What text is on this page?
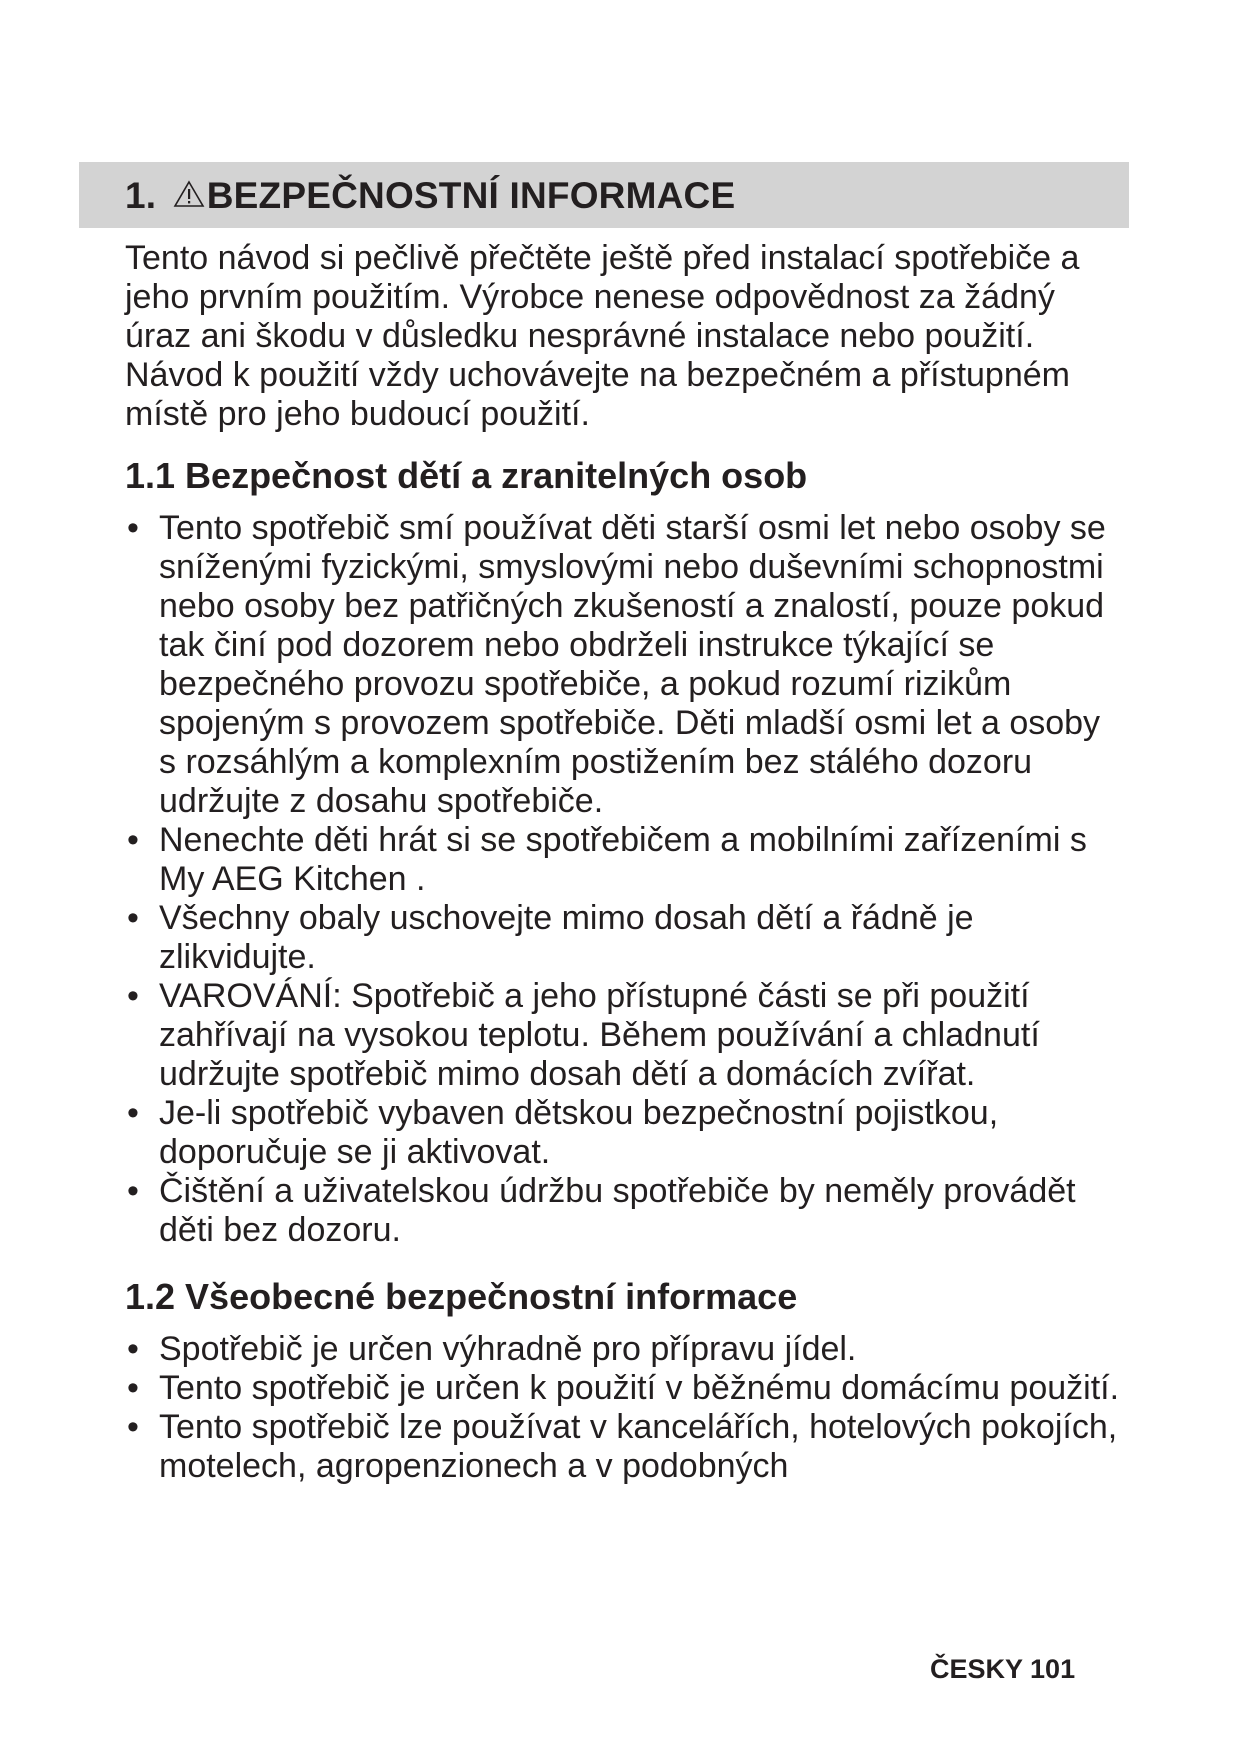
1. BEZPEČNOSTNÍ INFORMACE

Tento návod si pečlivě přečtěte ještě před instalací spotřebiče a jeho prvním použitím. Výrobce nenese odpovědnost za žádný úraz ani škodu v důsledku nesprávné instalace nebo použití. Návod k použití vždy uchovávejte na bezpečném a přístupném místě pro jeho budoucí použití.

1.1 Bezpečnost dětí a zranitelných osob
• Tento spotřebič smí používat děti starší osmi let nebo osoby se sníženými fyzickými, smyslovými nebo duševními schopnostmi nebo osoby bez patřičných zkušeností a znalostí, pouze pokud tak činí pod dozorem nebo obdrželi instrukce týkající se bezpečného provozu spotřebiče, a pokud rozumí rizikům spojeným s provozem spotřebiče. Děti mladší osmi let a osoby s rozsáhlým a komplexním postižením bez stálého dozoru udržujte z dosahu spotřebiče.
• Nenechte děti hrát si se spotřebičem a mobilními zařízeními s My AEG Kitchen .
• Všechny obaly uschovejte mimo dosah dětí a řádně je zlikvidujte.
• VAROVÁNÍ: Spotřebič a jeho přístupné části se při použití zahřívají na vysokou teplotu. Během používání a chladnutí udržujte spotřebič mimo dosah dětí a domácích zvířat.
• Je-li spotřebič vybaven dětskou bezpečnostní pojistkou, doporučuje se ji aktivovat.
• Čištění a uživatelskou údržbu spotřebiče by neměly provádět děti bez dozoru.
1.2 Všeobecné bezpečnostní informace
• Spotřebič je určen výhradně pro přípravu jídel.
• Tento spotřebič je určen k použití v běžnému domácímu použití.
• Tento spotřebič lze používat v kancelářích, hotelových pokojích, motelech, agropenzionech a v podobných
ČESKY 101
